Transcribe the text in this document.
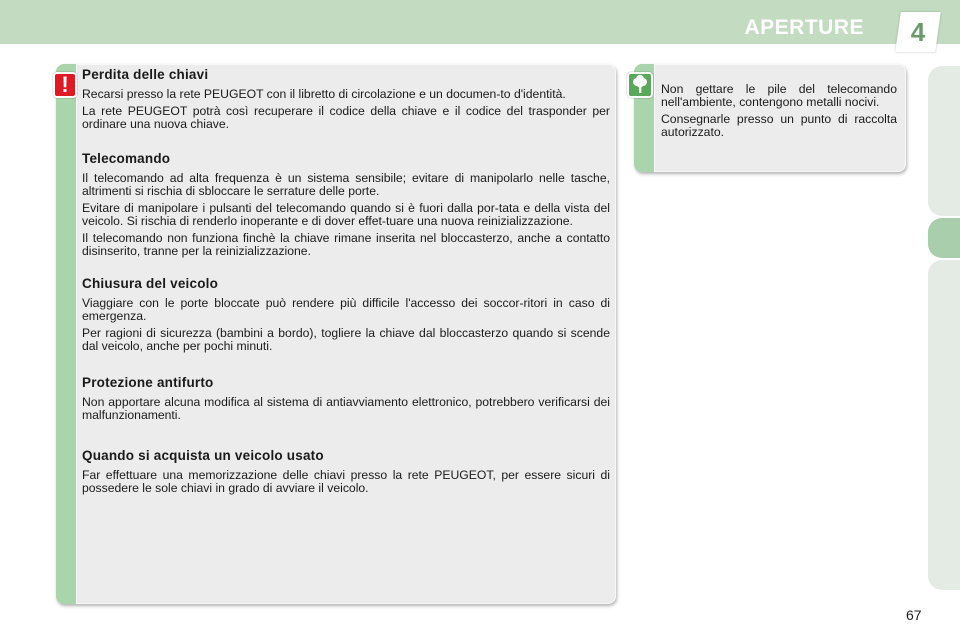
APERTURE	4
! Perdita delle chiavi

Recarsi presso la rete PEUGEOT con il libretto di circolazione e un documen-to d'identità.

La rete PEUGEOT potrà così recuperare il codice della chiave e il codice del trasponder per ordinare una nuova chiave.

Telecomando

Il telecomando ad alta frequenza è un sistema sensibile; evitare di manipolarlo nelle tasche, altrimenti si rischia di sbloccare le serrature delle porte.

Evitare di manipolare i pulsanti del telecomando quando si è fuori dalla por-tata e della vista del veicolo. Si rischia di renderlo inoperante e di dover effet-tuare una nuova reinizializzazione.

Il telecomando non funziona finchè la chiave rimane inserita nel bloccasterzo, anche a contatto disinserito, tranne per la reinizializzazione.

Chiusura del veicolo

Viaggiare con le porte bloccate può rendere più difficile l'accesso dei soccor-ritori in caso di emergenza.

Per ragioni di sicurezza (bambini a bordo), togliere la chiave dal bloccasterzo quando si scende dal veicolo, anche per pochi minuti.

Protezione antifurto

Non apportare alcuna modifica al sistema di antiavviamento elettronico, potrebbero verificarsi dei malfunzionamenti.

Quando si acquista un veicolo usato

Far effettuare una memorizzazione delle chiavi presso la rete PEUGEOT, per essere sicuri di possedere le sole chiavi in grado di avviare il veicolo.

Non gettare le pile del telecomando nell'ambiente, contengono metalli nocivi.

Consegnarle presso un punto di raccolta autorizzato.

67
